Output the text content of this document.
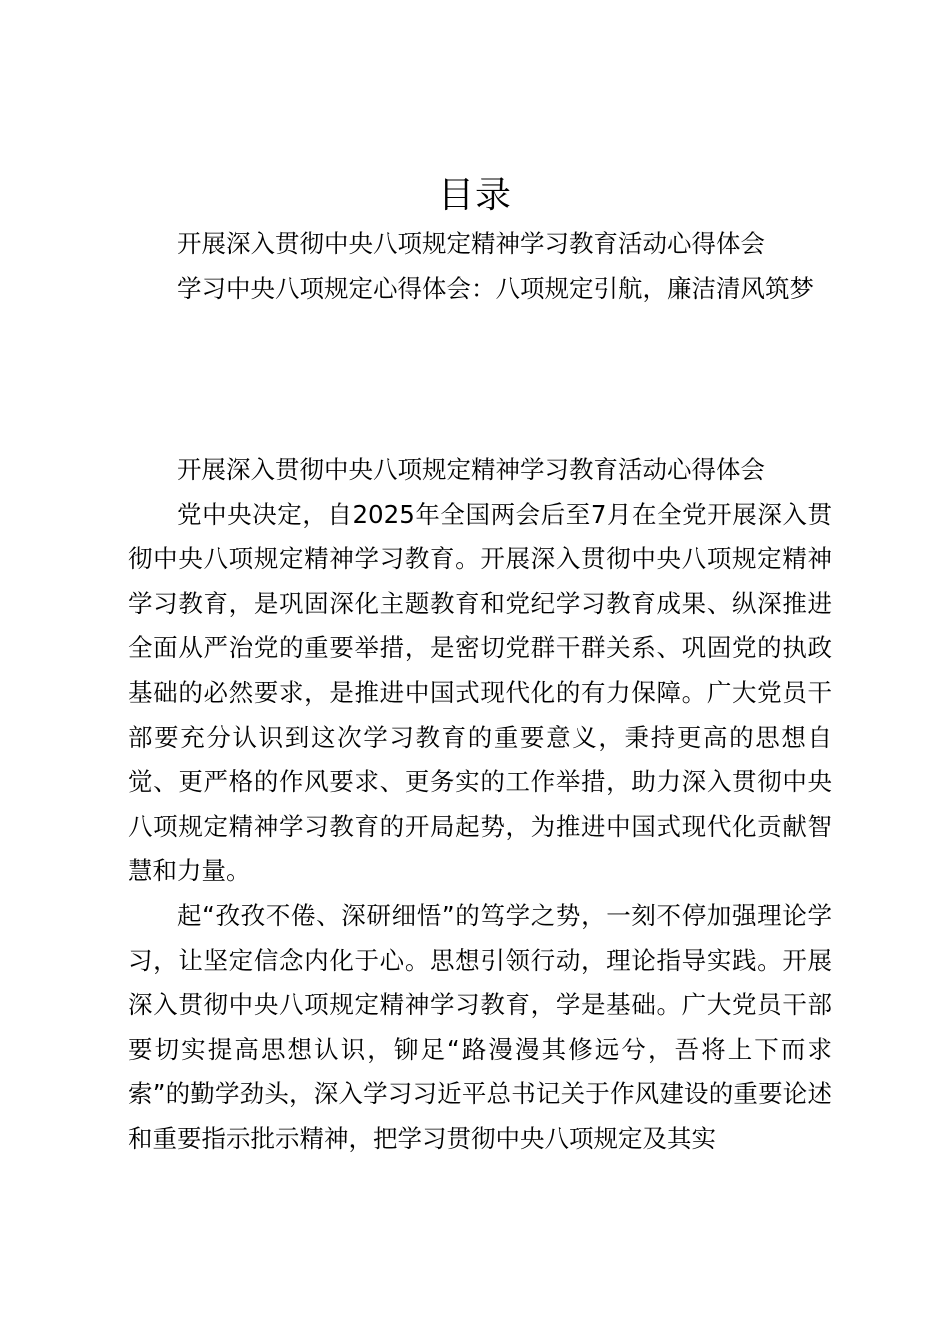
目录

开展深入贯彻中央八项规定精神学习教育活动心得体会

学习中央八项规定心得体会：八项规定引航，廉洁清风筑梦

开展深入贯彻中央八项规定精神学习教育活动心得体会

党中央决定，自2025年全国两会后至7月在全党开展深入贯彻中央八项规定精神学习教育。开展深入贯彻中央八项规定精神学习教育，是巩固深化主题教育和党纪学习教育成果、纵深推进全面从严治党的重要举措，是密切党群干群关系、巩固党的执政基础的必然要求，是推进中国式现代化的有力保障。广大党员干部要充分认识到这次学习教育的重要意义，秉持更高的思想自觉、更严格的作风要求、更务实的工作举措，助力深入贯彻中央八项规定精神学习教育的开局起势，为推进中国式现代化贡献智慧和力量。

起“孜孜不倦、深研细悟”的笃学之势，一刻不停加强理论学习，让坚定信念内化于心。思想引领行动，理论指导实践。开展深入贯彻中央八项规定精神学习教育，学是基础。广大党员干部要切实提高思想认识，铆足“路漫漫其修远兮，吾将上下而求索”的勤学劲头，深入学习习近平总书记关于作风建设的重要论述和重要指示批示精神，把学习贯彻中央八项规定及其实
